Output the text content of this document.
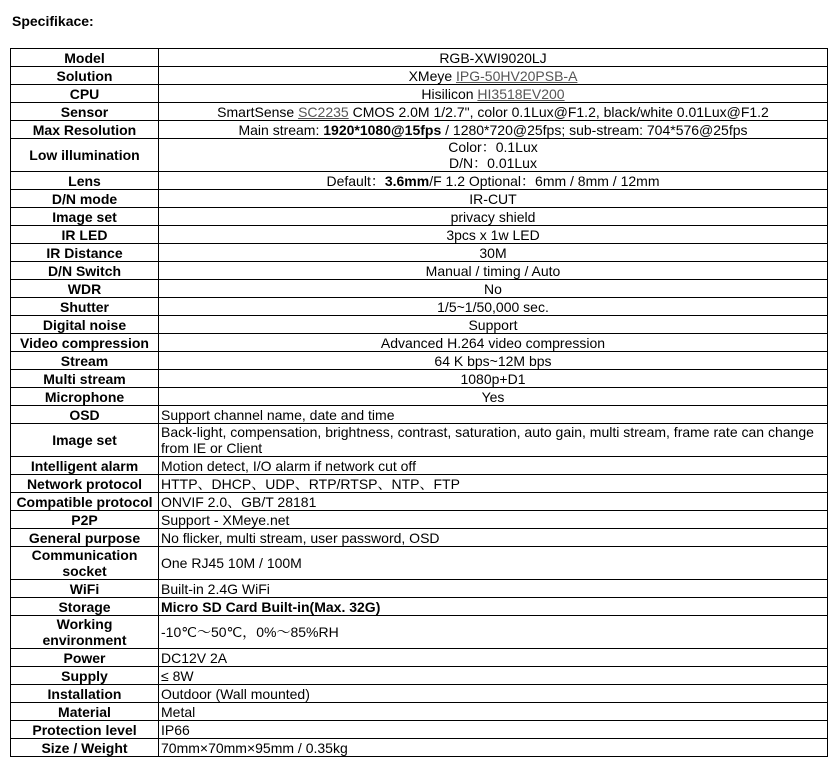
Specifikace:
Model	RGB-XWI9020LJ
Solution	XMeye IPG-50HV20PSB-A
CPU	Hisilicon HI3518EV200
Sensor	SmartSense SC2235 CMOS 2.0M 1/2.7", color 0.1Lux@F1.2, black/white 0.01Lux@F1.2
Max Resolution	Main stream: 1920*1080@15fps / 1280*720@25fps; sub-stream: 704*576@25fps
Low illumination	Color：0.1Lux
D/N：0.01Lux

Lens	Default：3.6mm/F 1.2 Optional：6mm / 8mm / 12mm
D/N mode	IR-CUT
Image set	privacy shield
IR LED	3pcs x 1w LED
IR Distance	30M
D/N Switch	Manual / timing / Auto
WDR	No
Shutter	1/5~1/50,000 sec.
Digital noise	Support
Video compression	Advanced H.264 video compression
Stream	64 K bps~12M bps
Multi stream	1080p+D1
Microphone	Yes
OSD	Support channel name, date and time
Image set	Back-light, compensation, brightness, contrast, saturation, auto gain, multi stream, frame rate can change from IE or Client
Intelligent alarm	Motion detect, I/O alarm if network cut off
Network protocol	HTTP、DHCP、UDP、RTP/RTSP、NTP、FTP
Compatible protocol	ONVIF 2.0、GB/T 28181
P2P	Support - XMeye.net
General purpose	No flicker, multi stream, user password, OSD
Communication socket	One RJ45 10M / 100M
WiFi	Built-in 2.4G WiFi
Storage	Micro SD Card Built-in(Max. 32G)
Working environment	-10℃～50℃，0%～85%RH
Power	DC12V 2A
Supply	≤ 8W
Installation	Outdoor (Wall mounted)
Material	Metal
Protection level	IP66
Size / Weight	70mm×70mm×95mm / 0.35kg
